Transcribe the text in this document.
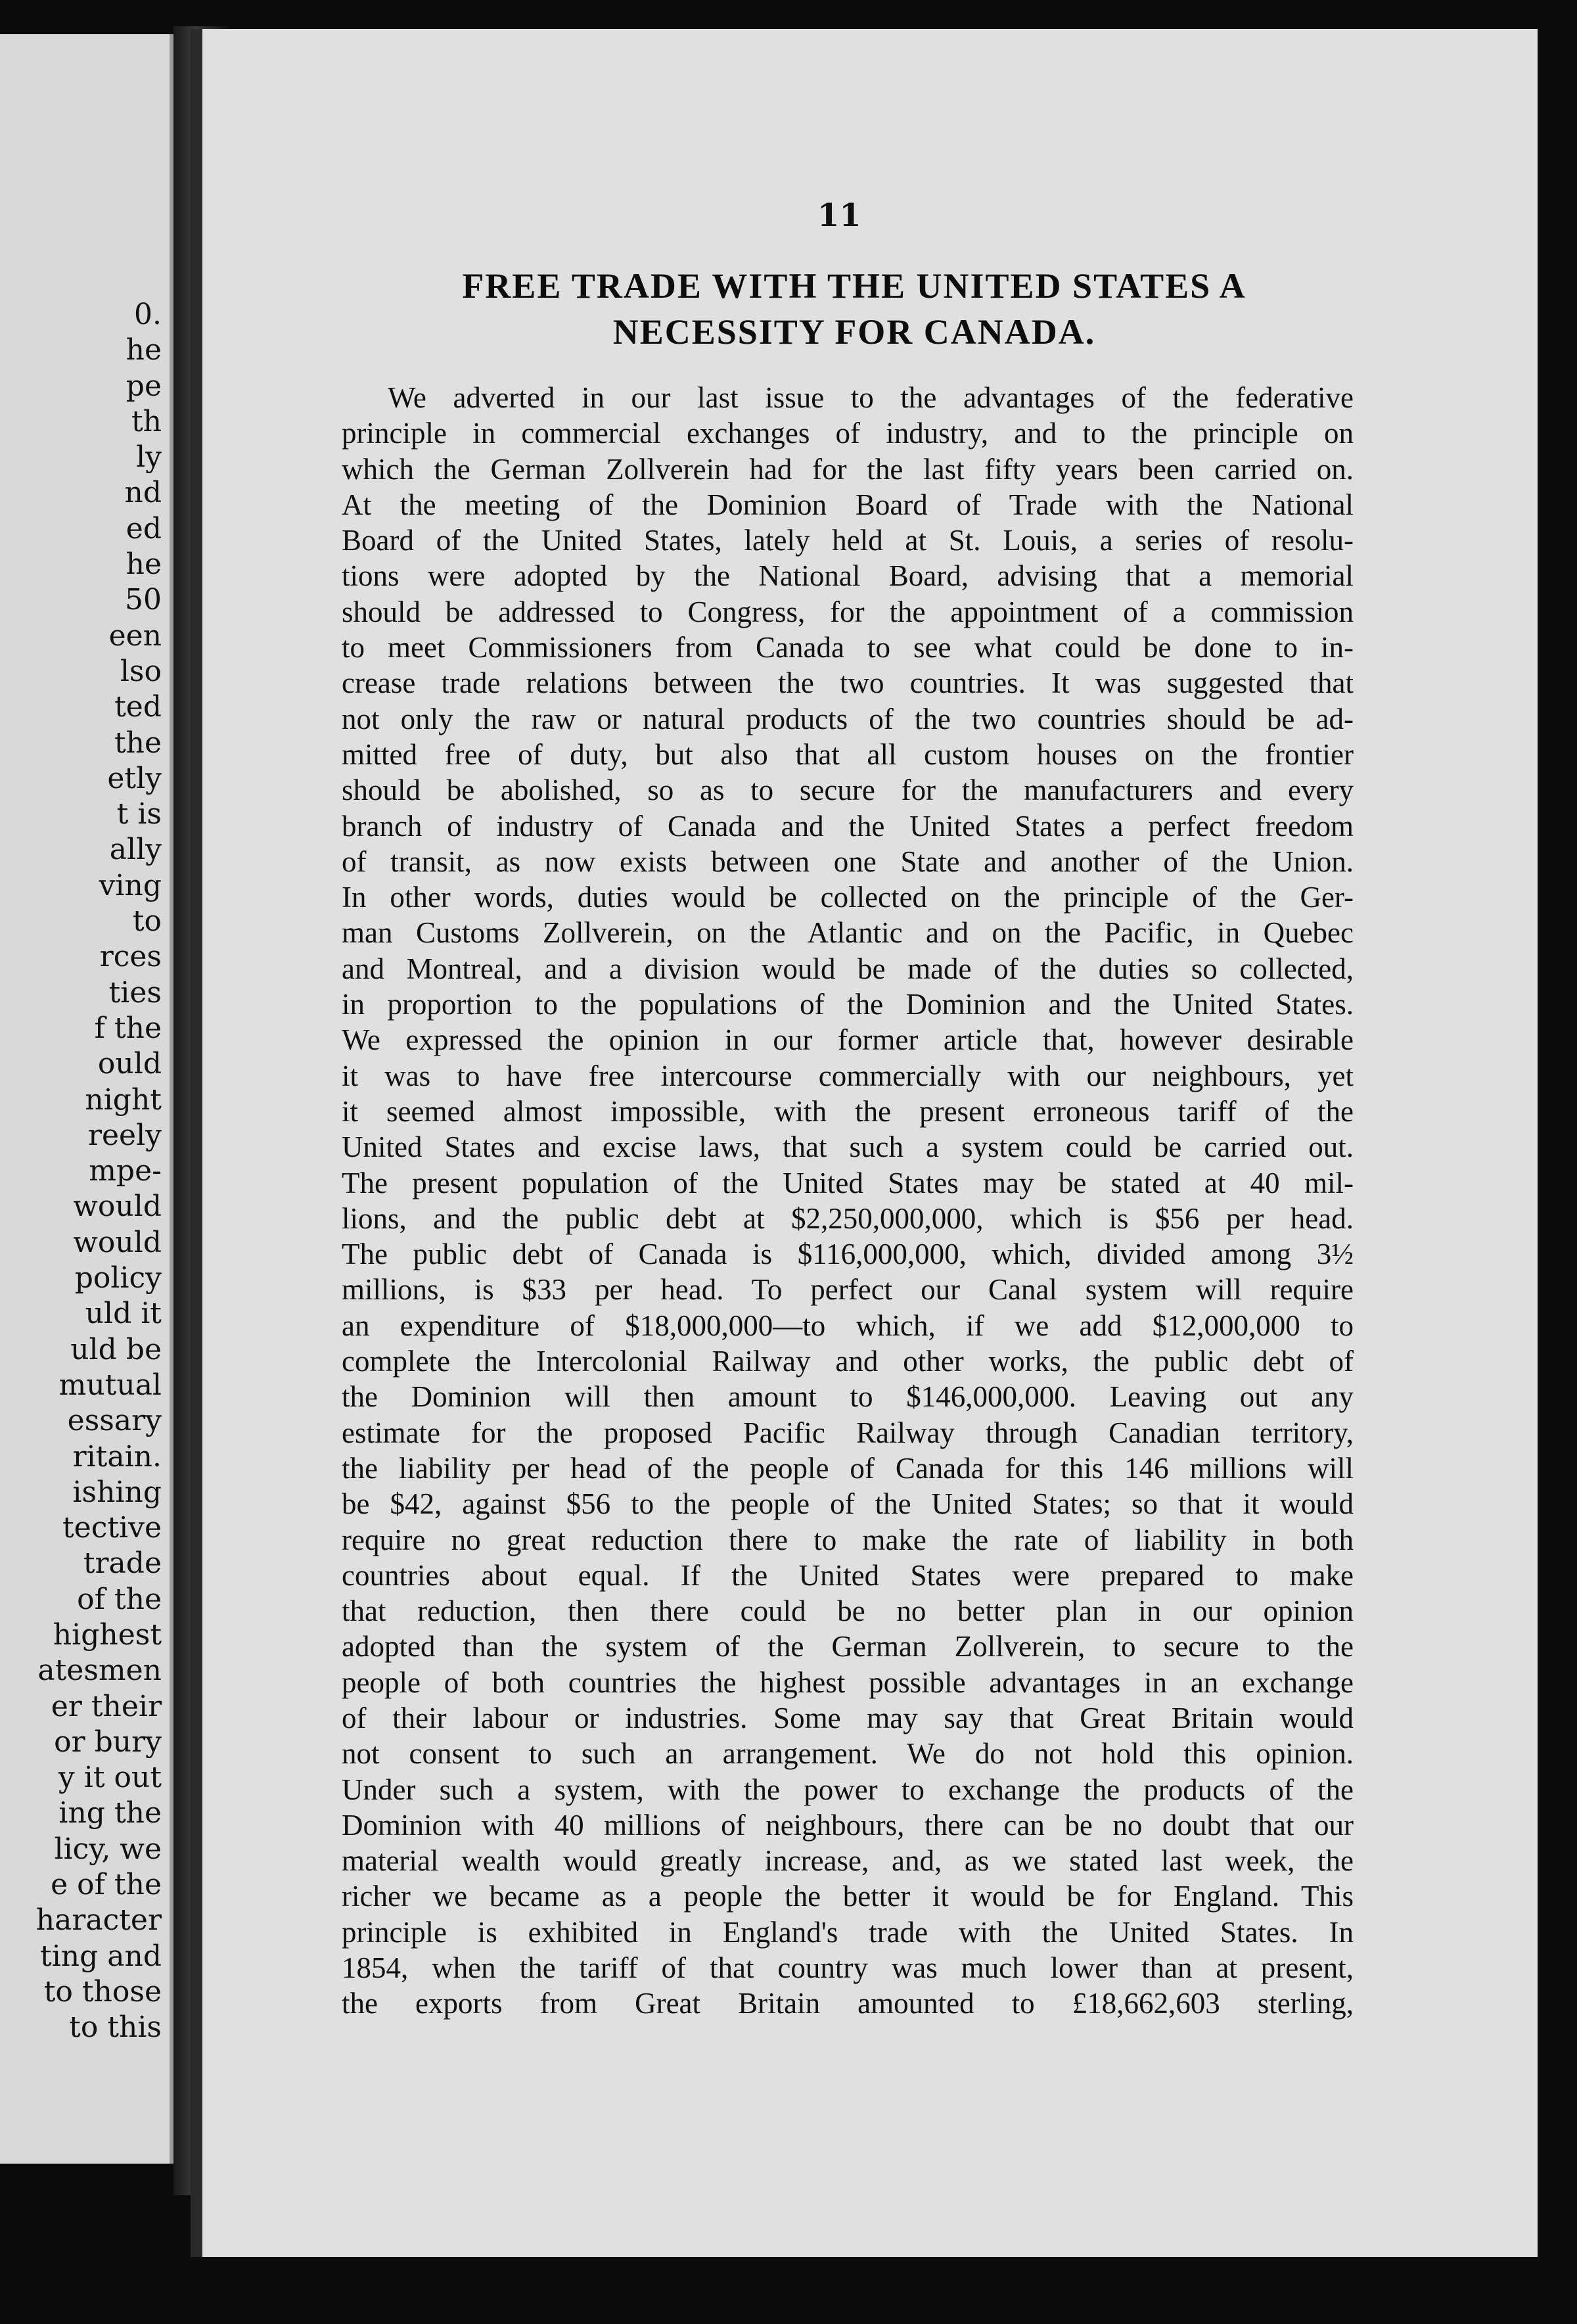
0.
he
pe
th
ly
nd
ed
he
50
een
lso
ted
the
etly
t is
ally
ving
to
rces
ties
f the
ould
night
reely
mpe-
would
would
policy
uld it
uld be
mutual
essary
ritain.
ishing
tective
trade
of the
highest
atesmen
er their
or bury
y it out
ing the
licy, we
e of the
haracter
ting and
to those
to this
11
FREE TRADE WITH THE UNITED STATES A
NECESSITY FOR CANADA.
We adverted in our last issue to the advantages of the federative
principle in commercial exchanges of industry, and to the principle on
which the German Zollverein had for the last fifty years been carried on.
At the meeting of the Dominion Board of Trade with the National
Board of the United States, lately held at St. Louis, a series of resolu-
tions were adopted by the National Board, advising that a memorial
should be addressed to Congress, for the appointment of a commission
to meet Commissioners from Canada to see what could be done to in-
crease trade relations between the two countries. It was suggested that
not only the raw or natural products of the two countries should be ad-
mitted free of duty, but also that all custom houses on the frontier
should be abolished, so as to secure for the manufacturers and every
branch of industry of Canada and the United States a perfect freedom
of transit, as now exists between one State and another of the Union.
In other words, duties would be collected on the principle of the Ger-
man Customs Zollverein, on the Atlantic and on the Pacific, in Quebec
and Montreal, and a division would be made of the duties so collected,
in proportion to the populations of the Dominion and the United States.
We expressed the opinion in our former article that, however desirable
it was to have free intercourse commercially with our neighbours, yet
it seemed almost impossible, with the present erroneous tariff of the
United States and excise laws, that such a system could be carried out.
The present population of the United States may be stated at 40 mil-
lions, and the public debt at $2,250,000,000, which is $56 per head.
The public debt of Canada is $116,000,000, which, divided among 3½
millions, is $33 per head. To perfect our Canal system will require
an expenditure of $18,000,000—to which, if we add $12,000,000 to
complete the Intercolonial Railway and other works, the public debt of
the Dominion will then amount to $146,000,000. Leaving out any
estimate for the proposed Pacific Railway through Canadian territory,
the liability per head of the people of Canada for this 146 millions will
be $42, against $56 to the people of the United States; so that it would
require no great reduction there to make the rate of liability in both
countries about equal. If the United States were prepared to make
that reduction, then there could be no better plan in our opinion
adopted than the system of the German Zollverein, to secure to the
people of both countries the highest possible advantages in an exchange
of their labour or industries. Some may say that Great Britain would
not consent to such an arrangement. We do not hold this opinion.
Under such a system, with the power to exchange the products of the
Dominion with 40 millions of neighbours, there can be no doubt that our
material wealth would greatly increase, and, as we stated last week, the
richer we became as a people the better it would be for England. This
principle is exhibited in England's trade with the United States. In
1854, when the tariff of that country was much lower than at present,
the exports from Great Britain amounted to £18,662,603 sterling,
